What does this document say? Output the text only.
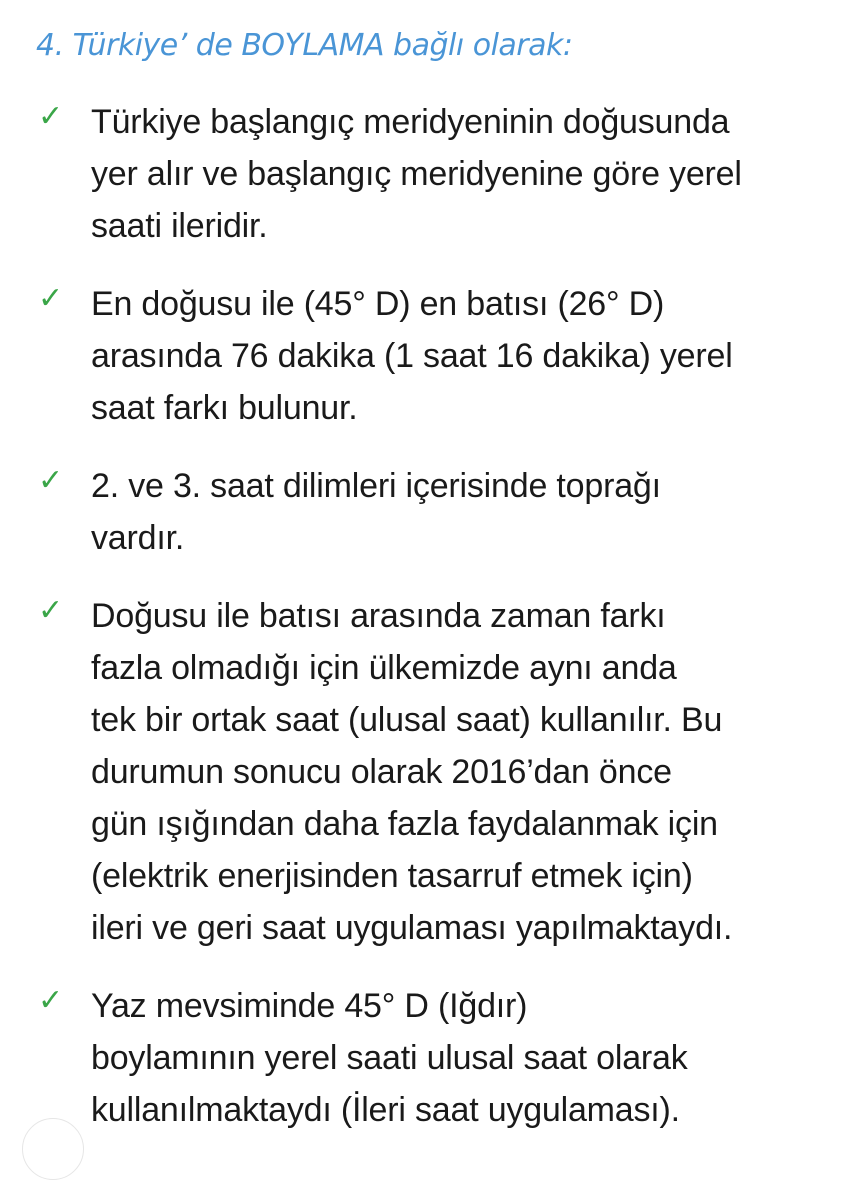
4. Türkiye’ de BOYLAMA bağlı olarak:
✓ Türkiye başlangıç meridyeninin doğusunda
yer alır ve başlangıç meridyenine göre yerel
saati ileridir.
✓ En doğusu ile (45° D) en batısı (26° D)
arasında 76 dakika (1 saat 16 dakika) yerel
saat farkı bulunur.
✓ 2. ve 3. saat dilimleri içerisinde toprağı
vardır.
✓ Doğusu ile batısı arasında zaman farkı
fazla olmadığı için ülkemizde aynı anda
tek bir ortak saat (ulusal saat) kullanılır. Bu
durumun sonucu olarak 2016’dan önce
gün ışığından daha fazla faydalanmak için
(elektrik enerjisinden tasarruf etmek için)
ileri ve geri saat uygulaması yapılmaktaydı.
✓ Yaz mevsiminde 45° D (Iğdır)
boylamının yerel saati ulusal saat olarak
kullanılmaktaydı (İleri saat uygulaması).
